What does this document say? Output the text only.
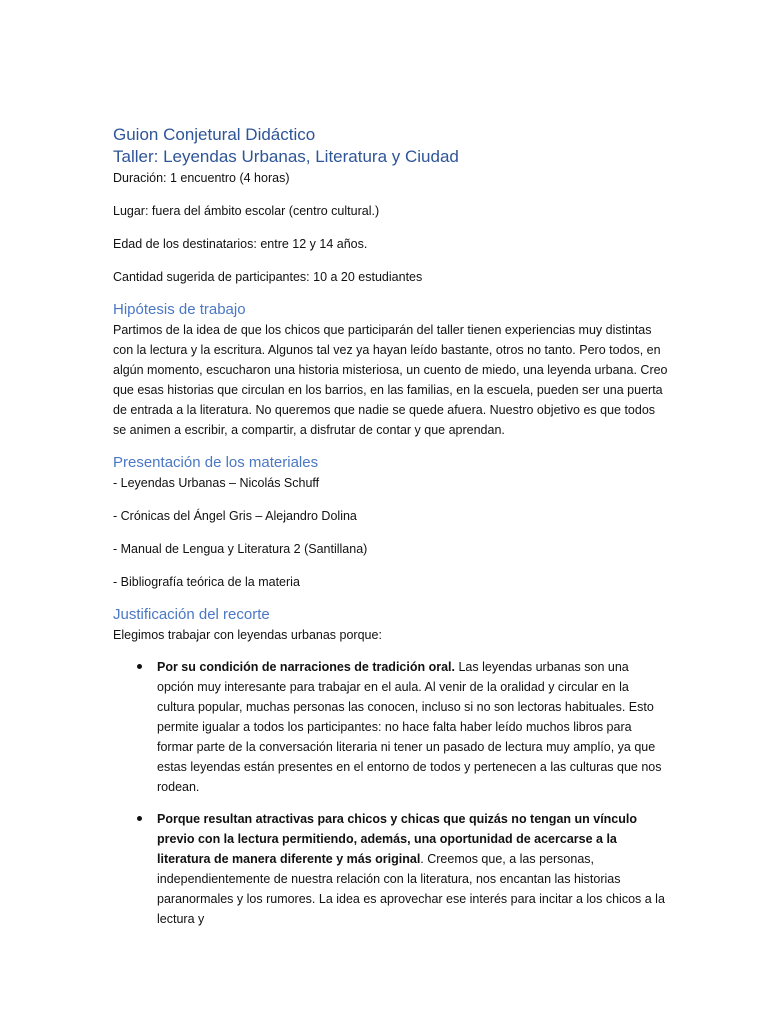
Guion Conjetural Didáctico
Taller: Leyendas Urbanas, Literatura y Ciudad

Duración: 1 encuentro (4 horas)

Lugar: fuera del ámbito escolar (centro cultural.)

Edad de los destinatarios: entre 12 y 14 años.

Cantidad sugerida de participantes: 10 a 20 estudiantes

Hipótesis de trabajo

Partimos de la idea de que los chicos que participarán del taller tienen experiencias muy distintas con la lectura y la escritura. Algunos tal vez ya hayan leído bastante, otros no tanto. Pero todos, en algún momento, escucharon una historia misteriosa, un cuento de miedo, una leyenda urbana. Creo que esas historias que circulan en los barrios, en las familias, en la escuela, pueden ser una puerta de entrada a la literatura. No queremos que nadie se quede afuera. Nuestro objetivo es que todos se animen a escribir, a compartir, a disfrutar de contar y que aprendan.

Presentación de los materiales

- Leyendas Urbanas – Nicolás Schuff

- Crónicas del Ángel Gris – Alejandro Dolina

- Manual de Lengua y Literatura 2 (Santillana)

- Bibliografía teórica de la materia

Justificación del recorte

Elegimos trabajar con leyendas urbanas porque:

Por su condición de narraciones de tradición oral. Las leyendas urbanas son una opción muy interesante para trabajar en el aula. Al venir de la oralidad y circular en la cultura popular, muchas personas las conocen, incluso si no son lectoras habituales. Esto permite igualar a todos los participantes: no hace falta haber leído muchos libros para formar parte de la conversación literaria ni tener un pasado de lectura muy amplío, ya que estas leyendas están presentes en el entorno de todos y pertenecen a las culturas que nos rodean.
Porque resultan atractivas para chicos y chicas que quizás no tengan un vínculo previo con la lectura permitiendo, además, una oportunidad de acercarse a la literatura de manera diferente y más original. Creemos que, a las personas, independientemente de nuestra relación con la literatura, nos encantan las historias paranormales y los rumores. La idea es aprovechar ese interés para incitar a los chicos a la lectura y
